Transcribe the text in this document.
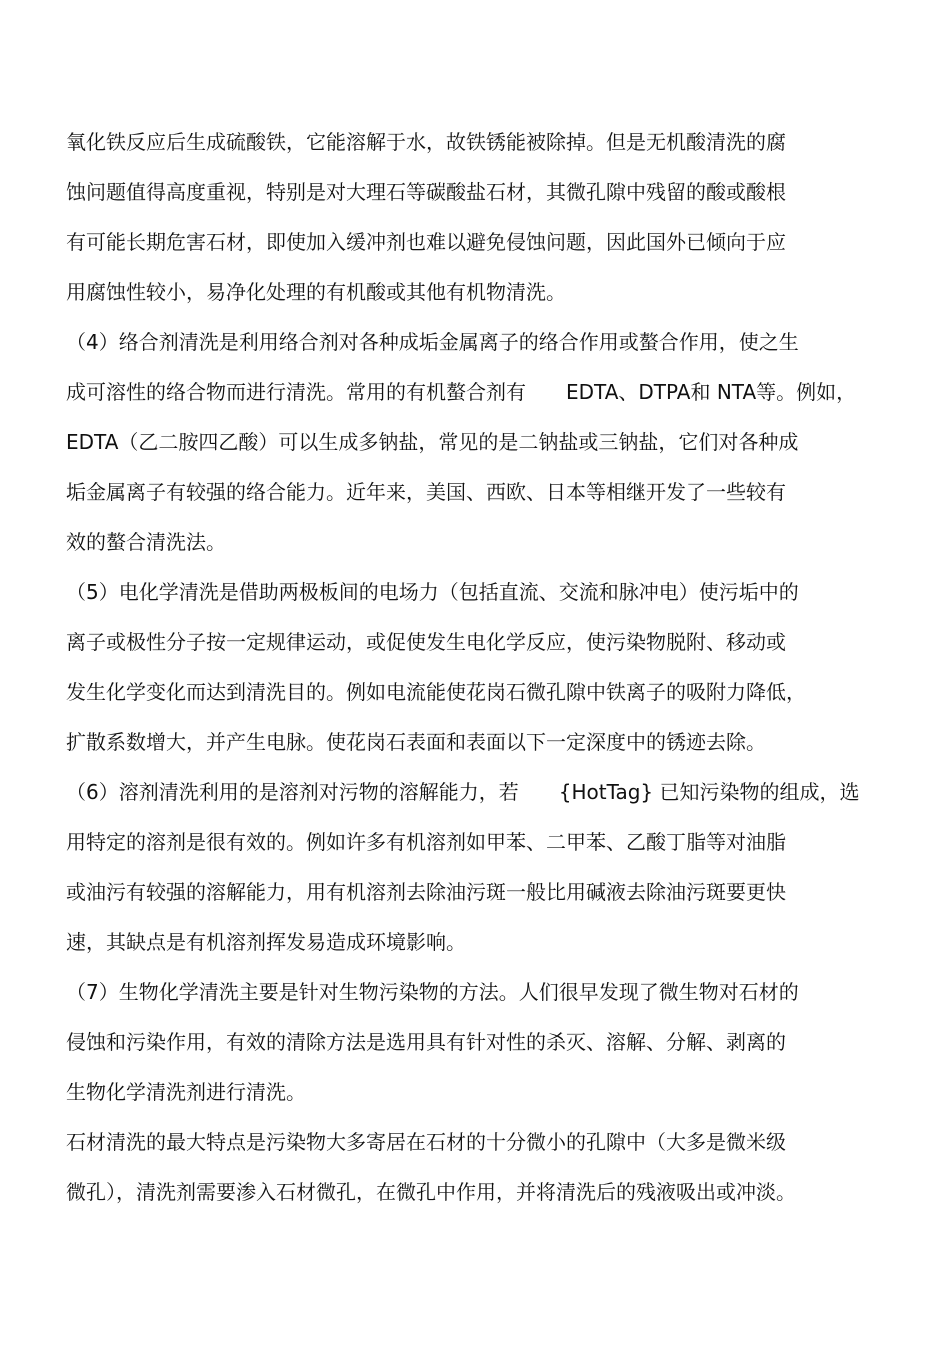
氧化铁反应后生成硫酸铁，它能溶解于水，故铁锈能被除掉。但是无机酸清洗的腐
蚀问题值得高度重视，特别是对大理石等碳酸盐石材，其微孔隙中残留的酸或酸根
有可能长期危害石材，即使加入缓冲剂也难以避免侵蚀问题，因此国外已倾向于应
用腐蚀性较小，易净化处理的有机酸或其他有机物清洗。
（4）络合剂清洗是利用络合剂对各种成垢金属离子的络合作用或螯合作用，使之生
成可溶性的络合物而进行清洗。常用的有机螯合剂有　　EDTA、DTPA和 NTA等。例如，
EDTA（乙二胺四乙酸）可以生成多钠盐，常见的是二钠盐或三钠盐，它们对各种成
垢金属离子有较强的络合能力。近年来，美国、西欧、日本等相继开发了一些较有
效的螯合清洗法。
（5）电化学清洗是借助两极板间的电场力（包括直流、交流和脉冲电）使污垢中的
离子或极性分子按一定规律运动，或促使发生电化学反应，使污染物脱附、移动或
发生化学变化而达到清洗目的。例如电流能使花岗石微孔隙中铁离子的吸附力降低，
扩散系数增大，并产生电脉。使花岗石表面和表面以下一定深度中的锈迹去除。
（6）溶剂清洗利用的是溶剂对污物的溶解能力，若　　{HotTag} 已知污染物的组成，选
用特定的溶剂是很有效的。例如许多有机溶剂如甲苯、二甲苯、乙酸丁脂等对油脂
或油污有较强的溶解能力，用有机溶剂去除油污斑一般比用碱液去除油污斑要更快
速，其缺点是有机溶剂挥发易造成环境影响。
（7）生物化学清洗主要是针对生物污染物的方法。人们很早发现了微生物对石材的
侵蚀和污染作用，有效的清除方法是选用具有针对性的杀灭、溶解、分解、剥离的
生物化学清洗剂进行清洗。
石材清洗的最大特点是污染物大多寄居在石材的十分微小的孔隙中（大多是微米级
微孔），清洗剂需要渗入石材微孔，在微孔中作用，并将清洗后的残液吸出或冲淡。
